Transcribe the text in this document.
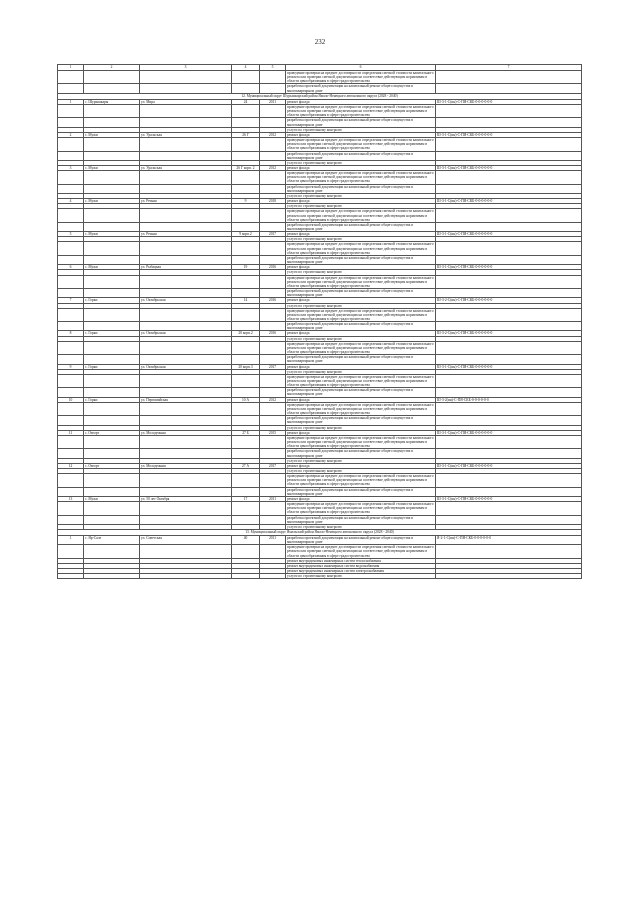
232
1	2	3	4	5	6	7
					проведение проверки на предмет достоверности определения сметной стоимости капитального ремонта или проверки сметной документации на соответствие действующим нормативам в области ценообразования в сфере градостроительства	
					разработка проектной документации на капитальный ремонт общего имущества в многоквартирном доме	
12. Муниципальный округ Шурышкарский район Ямало-Ненецкого автономного округа (2028 - 2040)						
1	с. Шурышкары	ул. Мира	24	2011	ремонт фасада	Ш-3-1-С(ин)-С-ПЯ-СКБ-0-0-0-0-0-0
					проведение проверки на предмет достоверности определения сметной стоимости капитального ремонта или проверки сметной документации на соответствие действующим нормативам в области ценообразования в сфере градостроительства	
					разработка проектной документации на капитальный ремонт общего имущества в многоквартирном доме	
					услуги по строительному контролю	
2	с. Мужи	ул. Уральская	26 Г	2012	ремонт фасада	Ш-3-1-С(ин)-С-ПЯ-СКБ-0-0-0-0-0-0
					проведение проверки на предмет достоверности определения сметной стоимости капитального ремонта или проверки сметной документации на соответствие действующим нормативам в области ценообразования в сфере градостроительства	
					разработка проектной документации на капитальный ремонт общего имущества в многоквартирном доме	
					услуги по строительному контролю	
3	с. Мужи	ул. Уральская	26 Г корп. 2	2012	ремонт фасада	Ш-3-1-С(ин)-С-ПЯ-СКБ-0-0-0-0-0-0
					проведение проверки на предмет достоверности определения сметной стоимости капитального ремонта или проверки сметной документации на соответствие действующим нормативам в области ценообразования в сфере градостроительства	
					разработка проектной документации на капитальный ремонт общего имущества в многоквартирном доме	
					услуги по строительному контролю	
4	с. Мужи	ул. Речная	9	2018	ремонт фасада	Ш-3-1-С(ин)-С-ПЯ-СКБ-0-0-0-0-0-0
					услуги по строительному контролю	
					проведение проверки на предмет достоверности определения сметной стоимости капитального ремонта или проверки сметной документации на соответствие действующим нормативам в области ценообразования в сфере градостроительства	
					разработка проектной документации на капитальный ремонт общего имущества в многоквартирном доме	
5	с. Мужи	ул. Речная	9 корп.2	2017	ремонт фасада	Ш-3-1-С(ин)-С-ПЯ-СКБ-0-0-0-0-0-0
					услуги по строительному контролю	
					проведение проверки на предмет достоверности определения сметной стоимости капитального ремонта или проверки сметной документации на соответствие действующим нормативам в области ценообразования в сфере градостроительства	
					разработка проектной документации на капитальный ремонт общего имущества в многоквартирном доме	
6	с. Мужи	ул. Рыбацкая	19	2016	ремонт фасада	Ш-3-1-С(ин)-С-ПЯ-СКБ-0-0-0-0-0-0
					услуги по строительному контролю	
					проведение проверки на предмет достоверности определения сметной стоимости капитального ремонта или проверки сметной документации на соответствие действующим нормативам в области ценообразования в сфере градостроительства	
					разработка проектной документации на капитальный ремонт общего имущества в многоквартирном доме	
7	с. Горки	ул. Октябрьская	14	2016	ремонт фасада	Ш-3-2-С(ин)-С-ПЯ-СКБ-0-0-0-0-0-0
					услуги по строительному контролю	
					проведение проверки на предмет достоверности определения сметной стоимости капитального ремонта или проверки сметной документации на соответствие действующим нормативам в области ценообразования в сфере градостроительства	
					разработка проектной документации на капитальный ремонт общего имущества в многоквартирном доме	
8	с. Горки	ул. Октябрьская	20 корп.2	2016	ремонт фасада	Ш-3-2-С(ин)-С-ПЯ-СКБ-0-0-0-0-0-0
					услуги по строительному контролю	
					проведение проверки на предмет достоверности определения сметной стоимости капитального ремонта или проверки сметной документации на соответствие действующим нормативам в области ценообразования в сфере градостроительства	
					разработка проектной документации на капитальный ремонт общего имущества в многоквартирном доме	
9	с. Горки	ул. Октябрьская	20 корп.3	2017	ремонт фасада	Ш-3-1-С(ин)-С-ПЯ-СКБ-0-0-0-0-0-0
					услуги по строительному контролю	
					проведение проверки на предмет достоверности определения сметной стоимости капитального ремонта или проверки сметной документации на соответствие действующим нормативам в области ценообразования в сфере градостроительства	
					разработка проектной документации на капитальный ремонт общего имущества в многоквартирном доме	
10	с. Горки	ул. Первомайская	10 А	2012	ремонт фасада	Ш-3-2(ин)-С-ПЯ-СКБ-0-0-0-0-0-0
					проведение проверки на предмет достоверности определения сметной стоимости капитального ремонта или проверки сметной документации на соответствие действующим нормативам в области ценообразования в сфере градостроительства	
					разработка проектной документации на капитальный ремонт общего имущества в многоквартирном доме	
					услуги по строительному контролю	
11	с. Овгорт	ул. Молодежная	27 Б	2015	ремонт фасада	Ш-3-1-С(ин)-С-ПЯ-СКБ-0-0-0-0-0-0
					проведение проверки на предмет достоверности определения сметной стоимости капитального ремонта или проверки сметной документации на соответствие действующим нормативам в области ценообразования в сфере градостроительства	
					разработка проектной документации на капитальный ремонт общего имущества в многоквартирном доме	
					услуги по строительному контролю	
12	с. Овгорт	ул. Молодежная	27 А	2017	ремонт фасада	Ш-3-1-С(ин)-С-ПЯ-СКБ-0-0-0-0-0-0
					услуги по строительному контролю	
					проведение проверки на предмет достоверности определения сметной стоимости капитального ремонта или проверки сметной документации на соответствие действующим нормативам в области ценообразования в сфере градостроительства	
					разработка проектной документации на капитальный ремонт общего имущества в многоквартирном доме	
13	с. Мужи	ул. 50 лет Октября	17	2011	ремонт фасада	Ш-3-1-С(ин)-С-ПЯ-СКБ-0-0-0-0-0-0
					проведение проверки на предмет достоверности определения сметной стоимости капитального ремонта или проверки сметной документации на соответствие действующим нормативам в области ценообразования в сфере градостроительства	
					разработка проектной документации на капитальный ремонт общего имущества в многоквартирном доме	
					услуги по строительному контролю	
13. Муниципальный округ Ямальский район Ямало-Ненецкого автономного округа (2028 - 2040)						
1	с. Яр-Сале	ул. Советская	40	2011	разработка проектной документации на капитальный ремонт общего имущества в многоквартирном доме	Я-2-1-С(ин)-С-ПЯ-СКБ-0-0-0-0-0-0
					проведение проверки на предмет достоверности определения сметной стоимости капитального ремонта или проверки сметной документации на соответствие действующим нормативам в области ценообразования в сфере градостроительства	
					ремонт внутридомовых инженерных систем теплоснабжения	
					ремонт внутридомовых инженерных систем водоснабжения	
					ремонт внутридомовых инженерных систем электроснабжения	
					услуги по строительному контролю	
